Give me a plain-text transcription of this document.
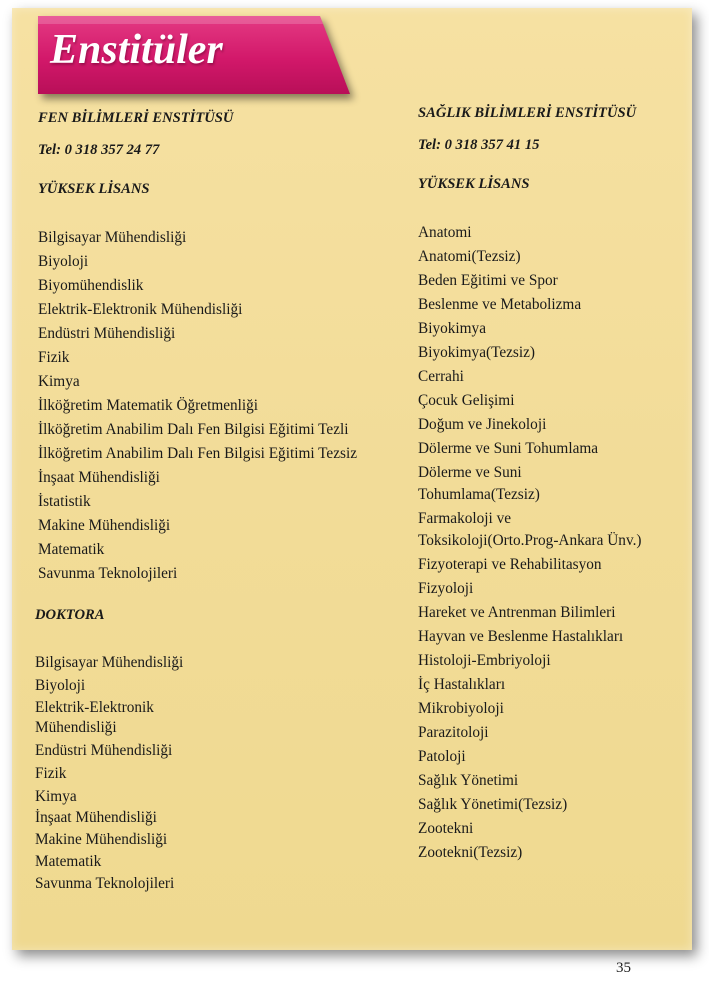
Enstitüler
FEN BİLİMLERİ ENSTİTÜSÜ
Tel: 0 318 357 24 77
YÜKSEK LİSANS
Bilgisayar Mühendisliği
Biyoloji
Biyomühendislik
Elektrik-Elektronik Mühendisliği
Endüstri Mühendisliği
Fizik
Kimya
İlköğretim Matematik Öğretmenliği
İlköğretim Anabilim Dalı Fen Bilgisi Eğitimi Tezli
İlköğretim Anabilim Dalı Fen Bilgisi Eğitimi Tezsiz
İnşaat Mühendisliği
İstatistik
Makine Mühendisliği
Matematik
Savunma Teknolojileri
DOKTORA
Bilgisayar Mühendisliği
Biyoloji
Elektrik-Elektronik
Mühendisliği
Endüstri Mühendisliği
Fizik
Kimya
İnşaat Mühendisliği
Makine Mühendisliği
Matematik
Savunma Teknolojileri
SAĞLIK BİLİMLERİ ENSTİTÜSÜ
Tel: 0 318 357 41 15
YÜKSEK LİSANS
Anatomi
Anatomi(Tezsiz)
Beden Eğitimi ve Spor
Beslenme ve Metabolizma
Biyokimya
Biyokimya(Tezsiz)
Cerrahi
Çocuk Gelişimi
Doğum ve Jinekoloji
Dölerme ve Suni Tohumlama
Dölerme ve Suni
Tohumlama(Tezsiz)
Farmakoloji ve
Toksikoloji(Orto.Prog-Ankara Ünv.)
Fizyoterapi ve Rehabilitasyon
Fizyoloji
Hareket ve Antrenman Bilimleri
Hayvan ve Beslenme Hastalıkları
Histoloji-Embriyoloji
İç Hastalıkları
Mikrobiyoloji
Parazitoloji
Patoloji
Sağlık Yönetimi
Sağlık Yönetimi(Tezsiz)
Zootekni
Zootekni(Tezsiz)
35
